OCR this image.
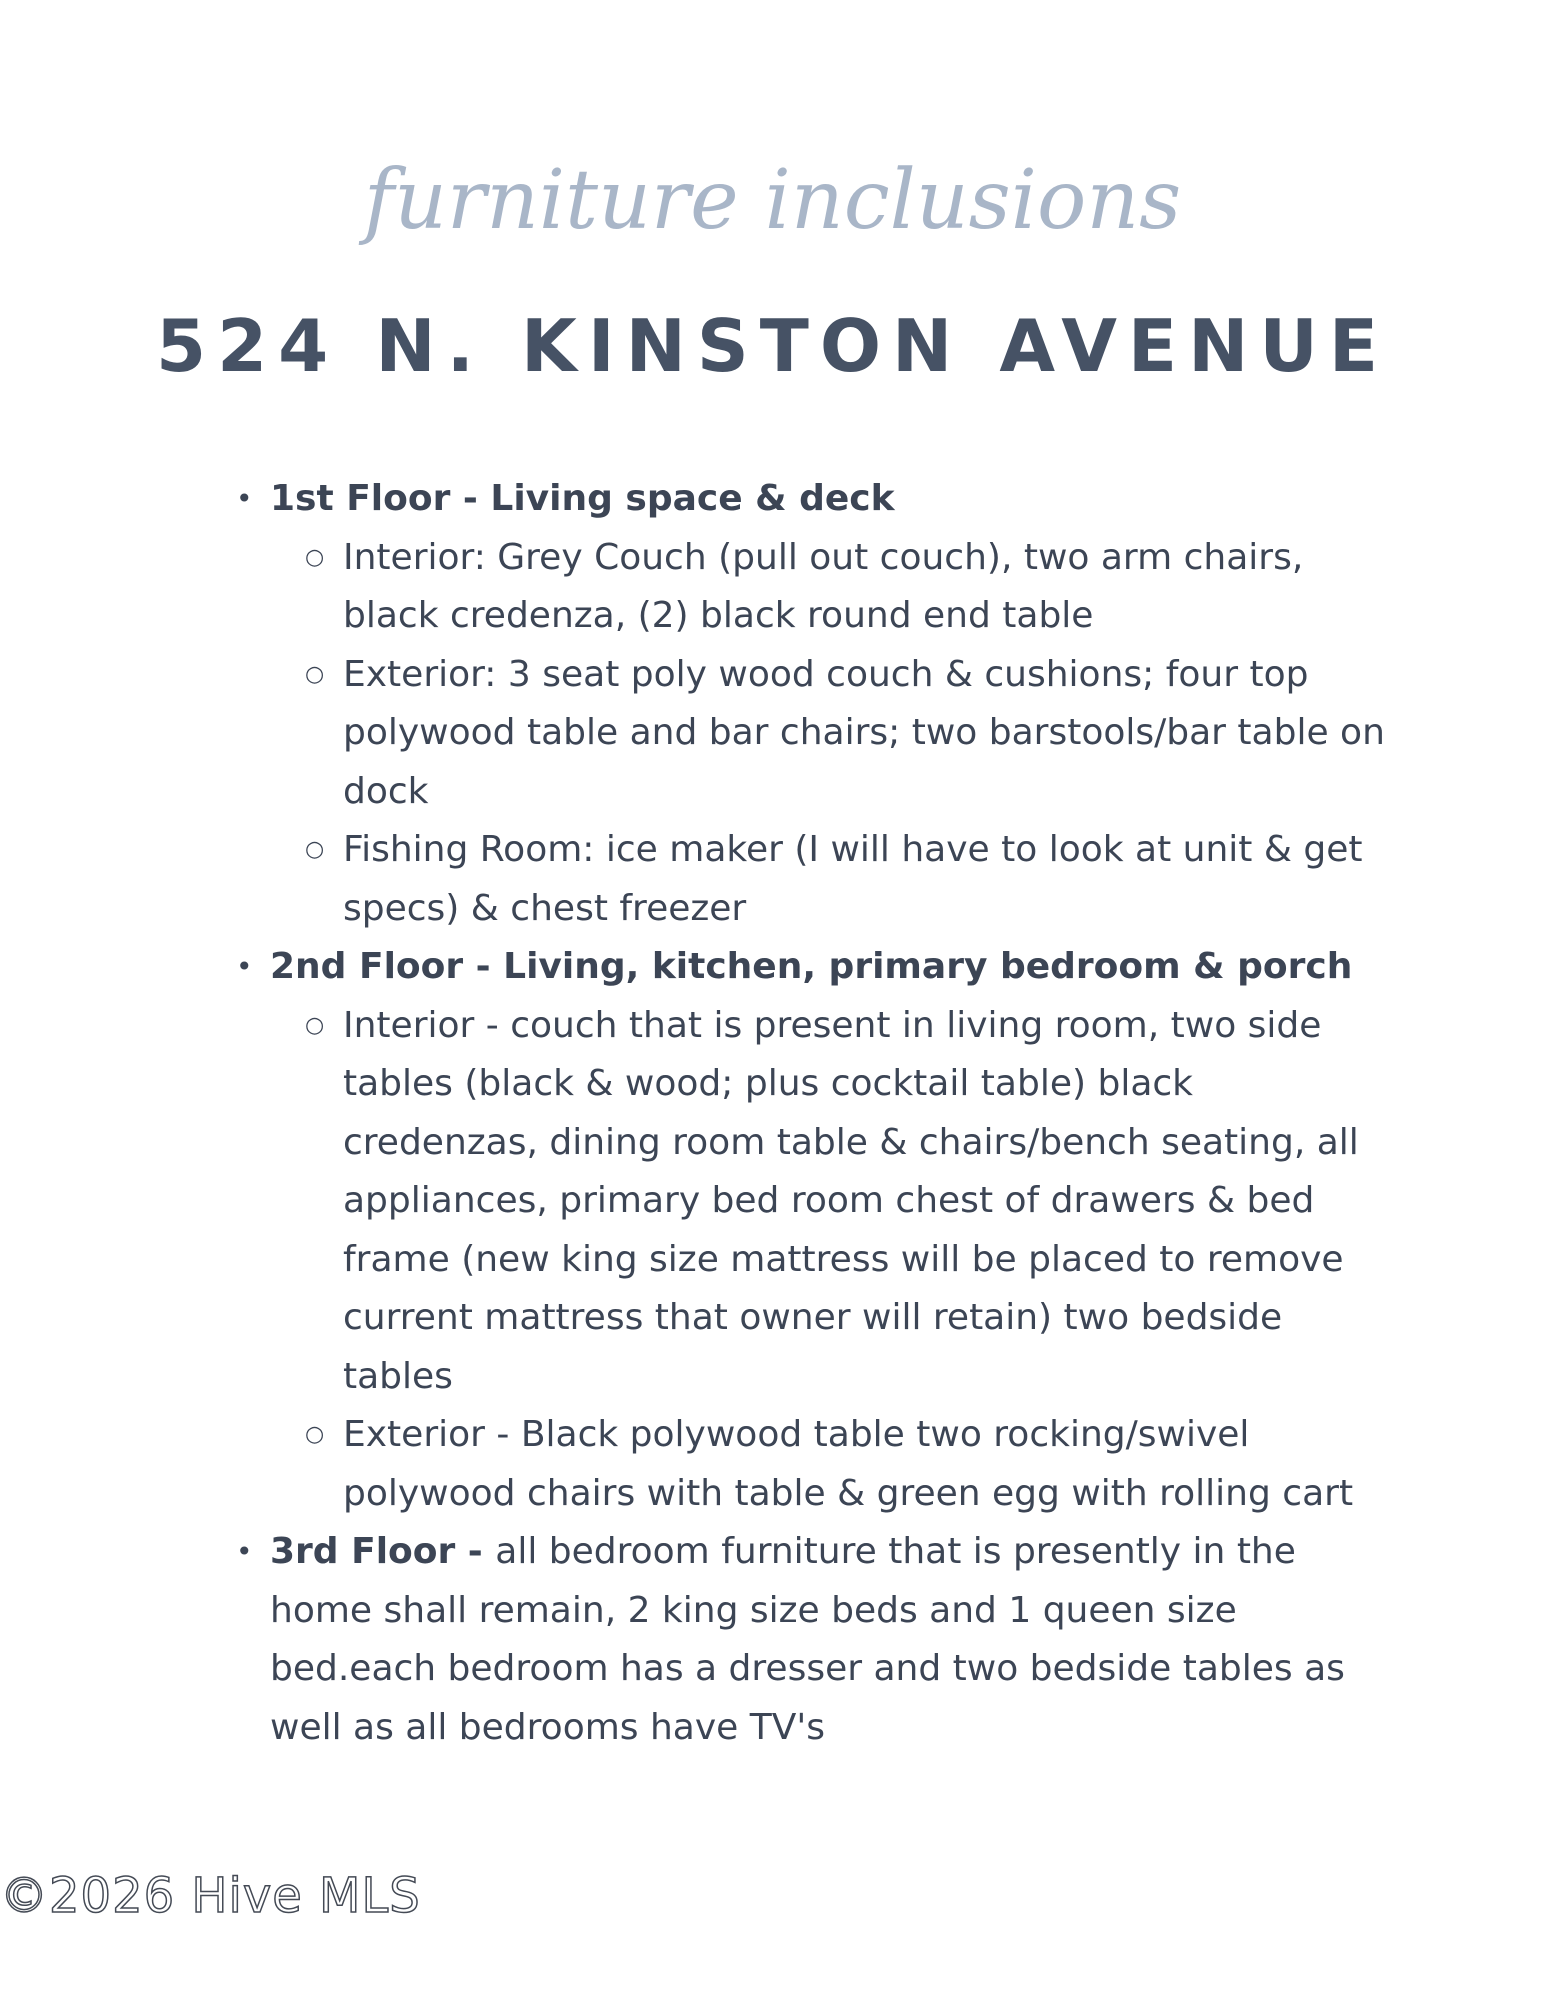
furniture inclusions
524 N. KINSTON AVENUE
• 1st Floor - Living space & deck
○ Interior: Grey Couch (pull out couch), two arm chairs, black credenza, (2) black round end table
○ Exterior: 3 seat poly wood couch & cushions; four top polywood table and bar chairs; two barstools/bar table on dock
○ Fishing Room: ice maker (I will have to look at unit & get specs) & chest freezer
• 2nd Floor - Living, kitchen, primary bedroom & porch
○ Interior - couch that is present in living room, two side tables (black & wood; plus cocktail table) black credenzas, dining room table & chairs/bench seating, all appliances, primary bed room chest of drawers & bed frame (new king size mattress will be placed to remove current mattress that owner will retain) two bedside tables
○ Exterior - Black polywood table two rocking/swivel polywood chairs with table & green egg with rolling cart
• 3rd Floor - all bedroom furniture that is presently in the home shall remain, 2 king size beds and 1 queen size bed.each bedroom has a dresser and two bedside tables as well as all bedrooms have TV's
©2026 Hive MLS
